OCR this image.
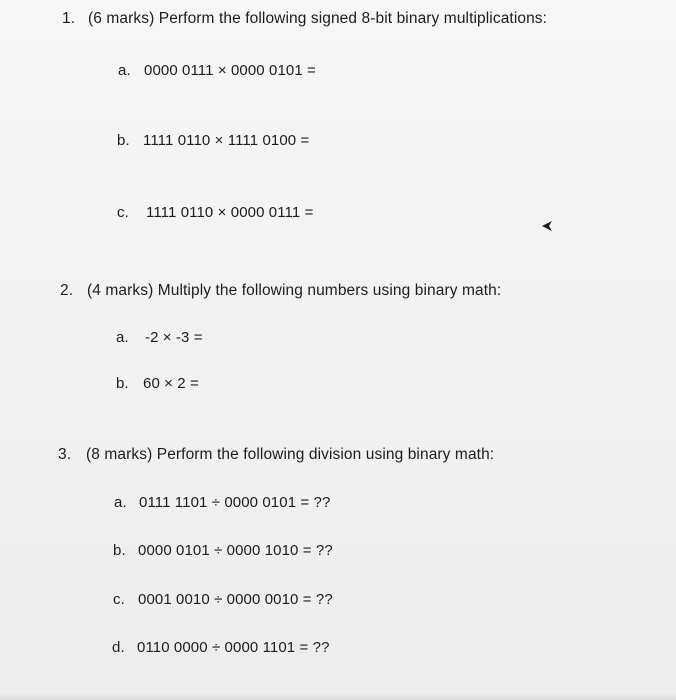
1. (6 marks) Perform the following signed 8-bit binary multiplications:
a. 0000 0111 × 0000 0101 =
b. 1111 0110 × 1111 0100 =
c. 1111 0110 × 0000 0111 =
2. (4 marks) Multiply the following numbers using binary math:
a. -2 × -3 =
b. 60 × 2 =
3. (8 marks) Perform the following division using binary math:
a. 0111 1101 ÷ 0000 0101 = ??
b. 0000 0101 ÷ 0000 1010 = ??
c. 0001 0010 ÷ 0000 0010 = ??
d. 0110 0000 ÷ 0000 1101 = ??
